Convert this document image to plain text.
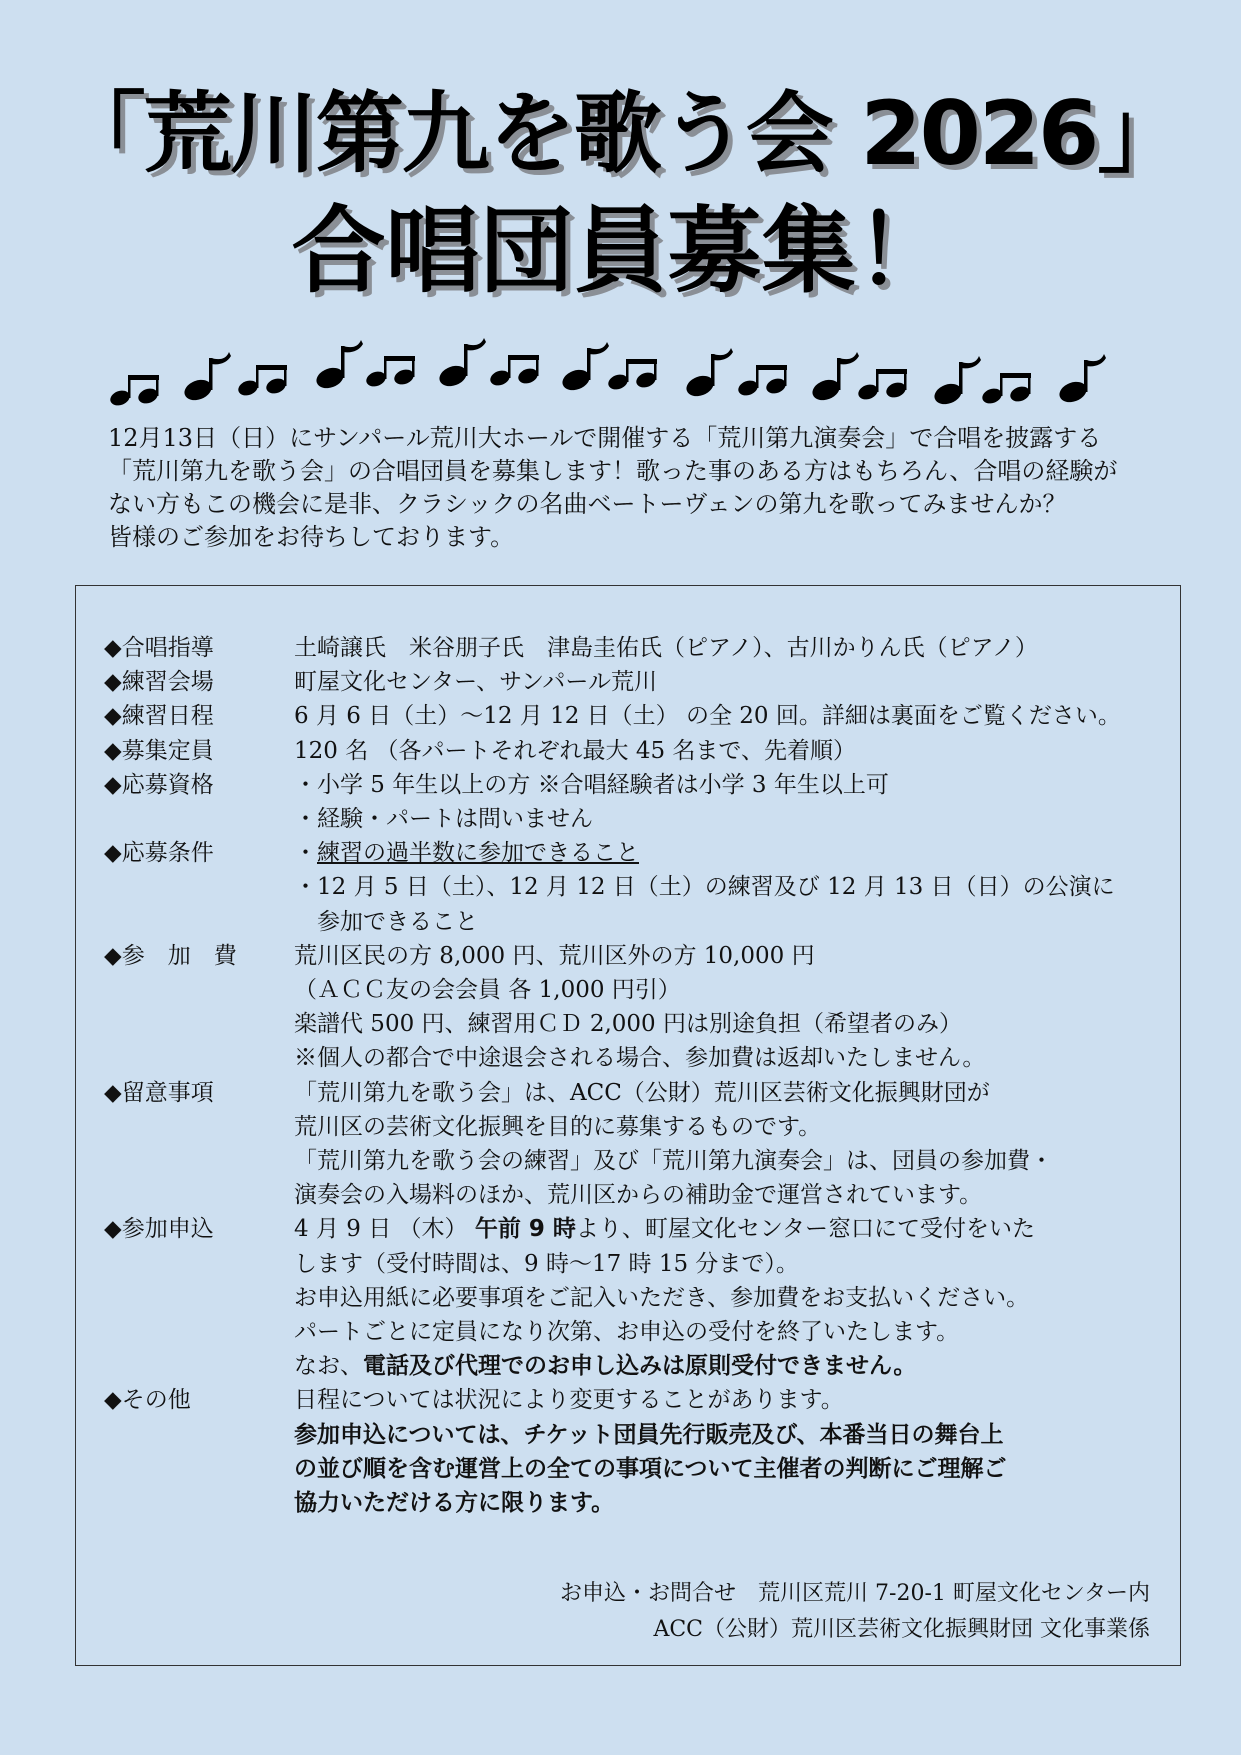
「荒川第九を歌う会 2026」
合唱団員募集！

12月13日（日）にサンパール荒川大ホールで開催する「荒川第九演奏会」で合唱を披露する

「荒川第九を歌う会」の合唱団員を募集します！歌った事のある方はもちろん、合唱の経験が

ない方もこの機会に是非、クラシックの名曲ベートーヴェンの第九を歌ってみませんか？

皆様のご参加をお待ちしております。

◆合唱指導	土崎譲氏　米谷朋子氏　津島圭佑氏（ピアノ）、古川かりん氏（ピアノ）
◆練習会場	町屋文化センター、サンパール荒川
◆練習日程	6 月 6 日（土）～12 月 12 日（土） の全 20 回。詳細は裏面をご覧ください。
◆募集定員	120 名 （各パートそれぞれ最大 45 名まで、先着順）
◆応募資格	・小学 5 年生以上の方 ※合唱経験者は小学 3 年生以上可
・経験・パートは問いません
◆応募条件	・練習の過半数に参加できること
・12 月 5 日（土）、12 月 12 日（土）の練習及び 12 月 13 日（日）の公演に
　参加できること
◆参　加　費	荒川区民の方 8,000 円、荒川区外の方 10,000 円
（ＡＣＣ友の会会員 各 1,000 円引）
楽譜代 500 円、練習用ＣＤ 2,000 円は別途負担（希望者のみ）
※個人の都合で中途退会される場合、参加費は返却いたしません。
◆留意事項	「荒川第九を歌う会」は、ACC（公財）荒川区芸術文化振興財団が
荒川区の芸術文化振興を目的に募集するものです。
「荒川第九を歌う会の練習」及び「荒川第九演奏会」は、団員の参加費・
演奏会の入場料のほか、荒川区からの補助金で運営されています。
◆参加申込	4 月 9 日 （木） 午前 9 時より、町屋文化センター窓口にて受付をいた
します（受付時間は、9 時～17 時 15 分まで）。
お申込用紙に必要事項をご記入いただき、参加費をお支払いください。
パートごとに定員になり次第、お申込の受付を終了いたします。
なお、電話及び代理でのお申し込みは原則受付できません。
◆その他	日程については状況により変更することがあります。
参加申込については、チケット団員先行販売及び、本番当日の舞台上
の並び順を含む運営上の全ての事項について主催者の判断にご理解ご
協力いただける方に限ります。
お申込・お問合せ　荒川区荒川 7-20-1 町屋文化センター内
ACC（公財）荒川区芸術文化振興財団 文化事業係
